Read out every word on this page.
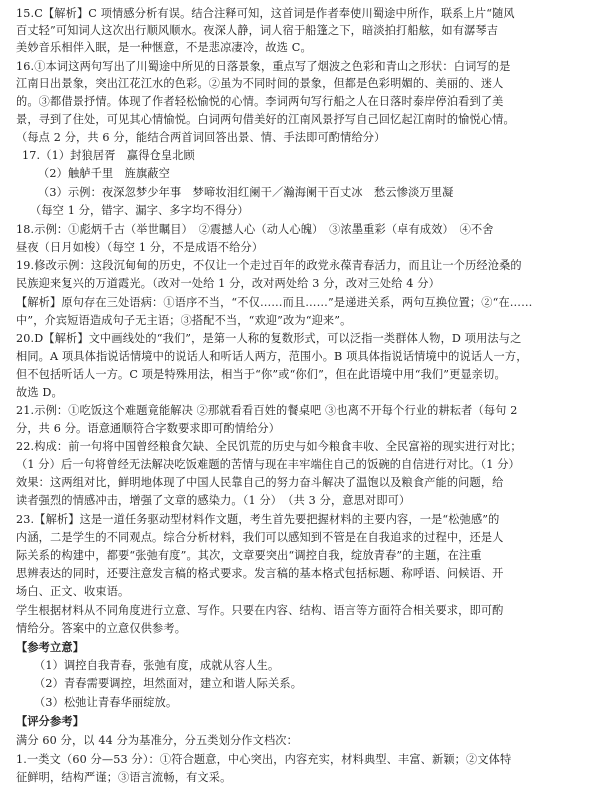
15.C【解析】C 项情感分析有误。结合注释可知，这首词是作者奉使川蜀途中所作，联系上片“随风
百丈轻”可知词人这次出行顺风顺水。夜深人静，词人宿于船篷之下，暗淡拍打船舷，如有潺琴吉
美妙音乐相伴入眠，是一种惬意，不是悲凉凄冷，故选 C。
16.①本词这两句写出了川蜀途中所见的日落景象，重点写了烟波之色彩和青山之形状：白词写的是
江南日出景象，突出江花江水的色彩。②虽为不同时间的景象，但都是色彩明媚的、美丽的、迷人
的。③都借景抒情。体现了作者轻松愉悦的心情。李词两句写行船之人在日落时泰岸停泊看到了美
景，寻到了住处，可见其心情愉悦。白词两句借美好的江南风景抒写自己回忆起江南时的愉悦心情。
（每点 2 分，共 6 分，能结合两首词回答出景、情、手法即可酌情给分）
17.（1）封狼居胥　赢得仓皇北顾
（2）触舻千里　旌旗蔽空
（3）示例：夜深忽梦少年事　梦啼妆泪红阑干／瀚海阑干百丈冰　愁云惨淡万里凝
（每空 1 分，错字、漏字、多字均不得分）
18.示例：①彪炳千古（举世瞩目）　②震撼人心（动人心魄）　③浓墨重彩（卓有成效）　④不舍
昼夜（日月如梭）（每空 1 分，不是成语不给分）
19.修改示例：这段沉甸甸的历史，不仅让一个走过百年的政党永葆青春活力，而且让一个历经沧桑的
民族迎来复兴的万道霞光。（改对一处给 1 分，改对两处给 3 分，改对三处给 4 分）
【解析】原句存在三处语病：①语序不当，“不仅……而且……”是递进关系，两句互换位置；②“在……
中”，介宾短语造成句子无主语；③搭配不当，“欢迎”改为“迎来”。
20.D【解析】文中画线处的“我们”，是第一人称的复数形式，可以泛指一类群体人物，D 项用法与之
相同。A 项具体指说话情境中的说话人和听话人两方，范围小。B 项具体指说话情境中的说话人一方，
但不包括听话人一方。C 项是特殊用法，相当于“你”或“你们”，但在此语境中用“我们”更显亲切。
故选 D。
21.示例：①吃饭这个难题竟能解决 ②那就看看百姓的餐桌吧 ③也离不开每个行业的耕耘者（每句 2
分，共 6 分。语意通顺符合字数要求即可酌情给分）
22.构成：前一句将中国曾经粮食欠缺、全民饥荒的历史与如今粮食丰收、全民富裕的现实进行对比；
（1 分）后一句将曾经无法解决吃饭难题的苦情与现在丰牢端住自己的饭碗的自信进行对比。（1 分）
效果：这两组对比，鲜明地体现了中国人民靠自己的努力奋斗解决了温饱以及粮食产能的问题，给
读者强烈的情感冲击，增强了文章的感染力。（1 分）　（共 3 分，意思对即可）
23.【解析】这是一道任务驱动型材料作文题，考生首先要把握材料的主要内容，一是“松弛感”的
内涵，二是学生的不同观点。综合分析材料，我们可以感知到不管是在自我追求的过程中，还是人
际关系的构建中，都要“张弛有度”。其次，文章要突出“调控自我，绽放青春”的主题，在注重
思辨表达的同时，还要注意发言稿的格式要求。发言稿的基本格式包括标题、称呼语、问候语、开
场白、正文、收束语。
学生根据材料从不同角度进行立意、写作。只要在内容、结构、语言等方面符合相关要求，即可酌
情给分。答案中的立意仅供参考。
【参考立意】
（1）调控自我青春，张弛有度，成就从容人生。
（2）青春需要调控，坦然面对，建立和谐人际关系。
（3）松弛让青春华丽绽放。
【评分参考】
满分 60 分，以 44 分为基准分，分五类划分作文档次：
1.一类文（60 分—53 分）：①符合题意，中心突出，内容充实，材料典型、丰富、新颖；②文体特
征鲜明，结构严谨；③语言流畅，有文采。
